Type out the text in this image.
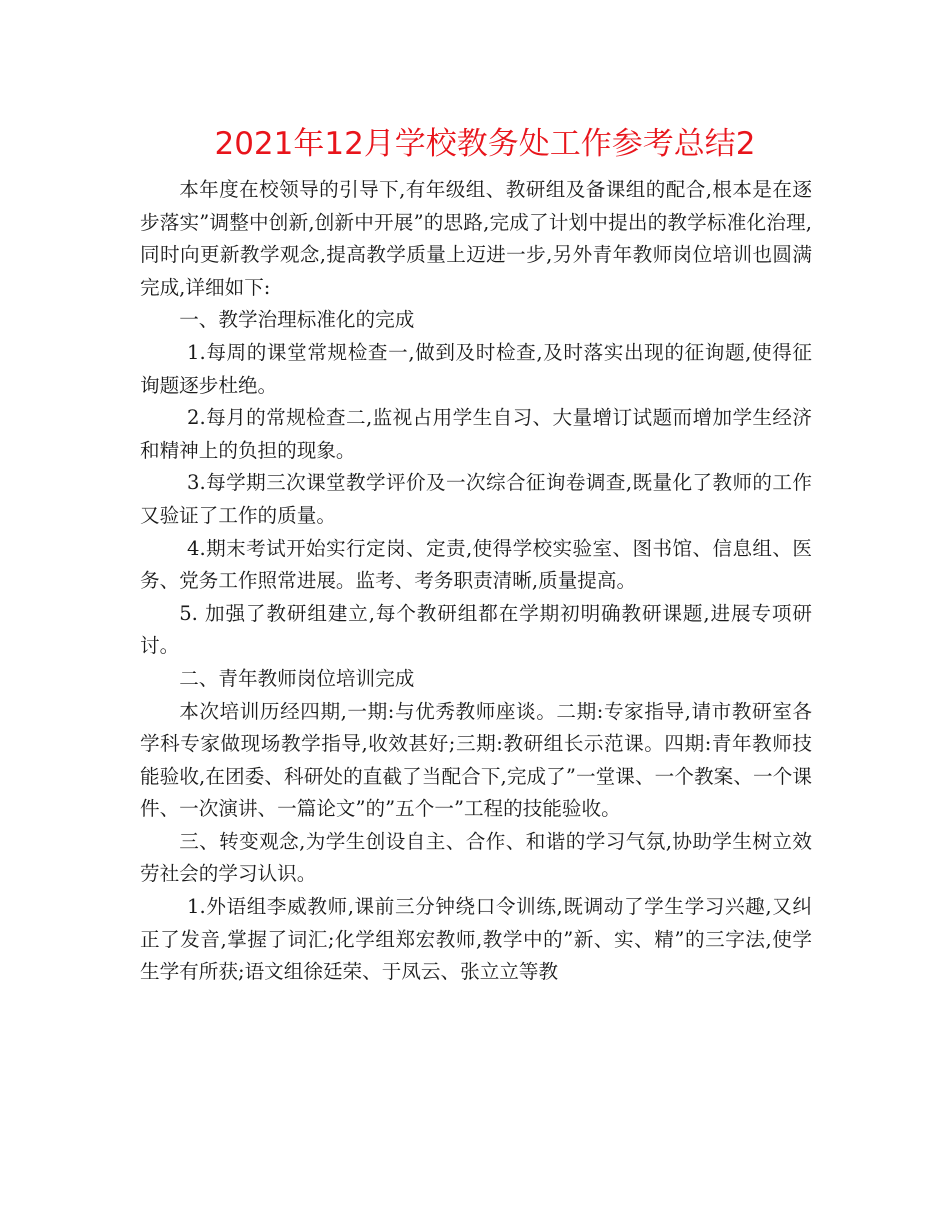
2021年12月学校教务处工作参考总结2

本年度在校领导的引导下,有年级组、教研组及备课组的配合,根本是在逐步落实”调整中创新,创新中开展”的思路,完成了计划中提出的教学标准化治理,同时向更新教学观念,提高教学质量上迈进一步,另外青年教师岗位培训也圆满完成,详细如下:

一、教学治理标准化的完成

1.每周的课堂常规检查一,做到及时检查,及时落实出现的征询题,使得征询题逐步杜绝。

2.每月的常规检查二,监视占用学生自习、大量增订试题而增加学生经济和精神上的负担的现象。

3.每学期三次课堂教学评价及一次综合征询卷调查,既量化了教师的工作又验证了工作的质量。

4.期末考试开始实行定岗、定责,使得学校实验室、图书馆、信息组、医务、党务工作照常进展。监考、考务职责清晰,质量提高。

5. 加强了教研组建立,每个教研组都在学期初明确教研课题,进展专项研讨。

二、青年教师岗位培训完成

本次培训历经四期,一期:与优秀教师座谈。二期:专家指导,请市教研室各学科专家做现场教学指导,收效甚好;三期:教研组长示范课。四期:青年教师技能验收,在团委、科研处的直截了当配合下,完成了”一堂课、一个教案、一个课件、一次演讲、一篇论文”的”五个一”工程的技能验收。

三、转变观念,为学生创设自主、合作、和谐的学习气氛,协助学生树立效劳社会的学习认识。

1.外语组李威教师,课前三分钟绕口令训练,既调动了学生学习兴趣,又纠正了发音,掌握了词汇;化学组郑宏教师,教学中的”新、实、精”的三字法,使学生学有所获;语文组徐廷荣、于凤云、张立立等教
